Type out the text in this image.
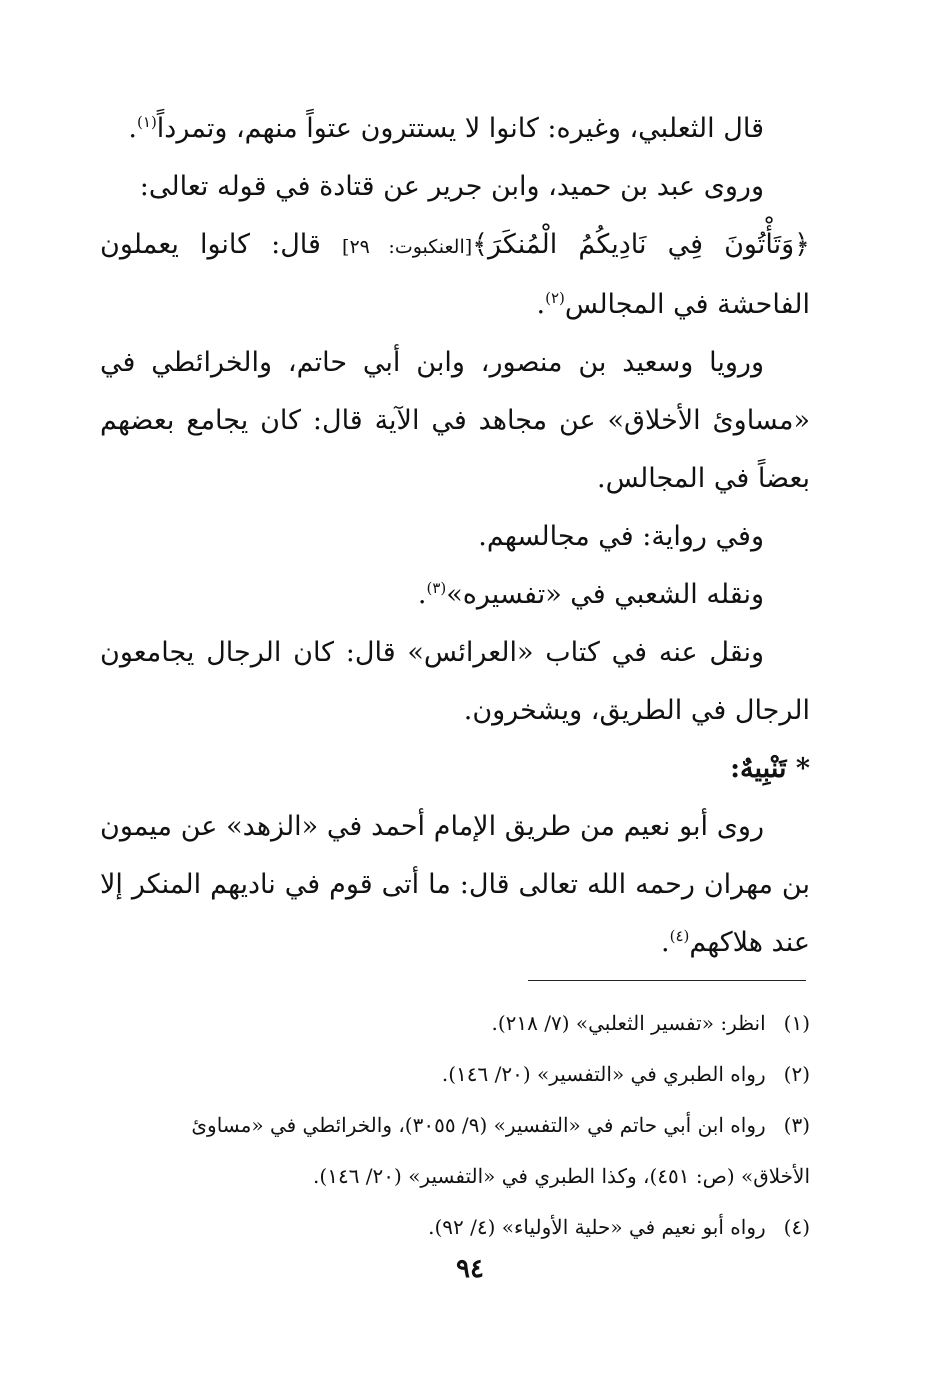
قال الثعلبي، وغيره: كانوا لا يستترون عتواً منهم، وتمرداً$^{(١)}$.

وروى عبد بن حميد، وابن جرير عن قتادة في قوله تعالى:

﴿وَتَأْتُونَ فِي نَادِيكُمُ الْمُنكَرَ﴾[العنكبوت: ٢٩] قال: كانوا يعملون الفاحشة في المجالس$^{(٢)}$.

ورويا وسعيد بن منصور، وابن أبي حاتم، والخرائطي في «مساوئ الأخلاق» عن مجاهد في الآية قال: كان يجامع بعضهم بعضاً في المجالس.

وفي رواية: في مجالسهم.

ونقله الشعبي في «تفسيره»$^{(٣)}$.

ونقل عنه في كتاب «العرائس» قال: كان الرجال يجامعون الرجال في الطريق، ويشخرون.

* تَنْبِيهٌ:

روى أبو نعيم من طريق الإمام أحمد في «الزهد» عن ميمون بن مهران رحمه الله تعالى قال: ما أتى قوم في ناديهم المنكر إلا عند هلاكهم$^{(٤)}$.

(١) انظر: «تفسير الثعلبي» (٧/ ٢١٨).

(٢) رواه الطبري في «التفسير» (٢٠/ ١٤٦).

(٣) رواه ابن أبي حاتم في «التفسير» (٩/ ٣٠٥٥)، والخرائطي في «مساوئ

الأخلاق» (ص: ٤٥١)، وكذا الطبري في «التفسير» (٢٠/ ١٤٦).

(٤) رواه أبو نعيم في «حلية الأولياء» (٤/ ٩٢).

٩٤
